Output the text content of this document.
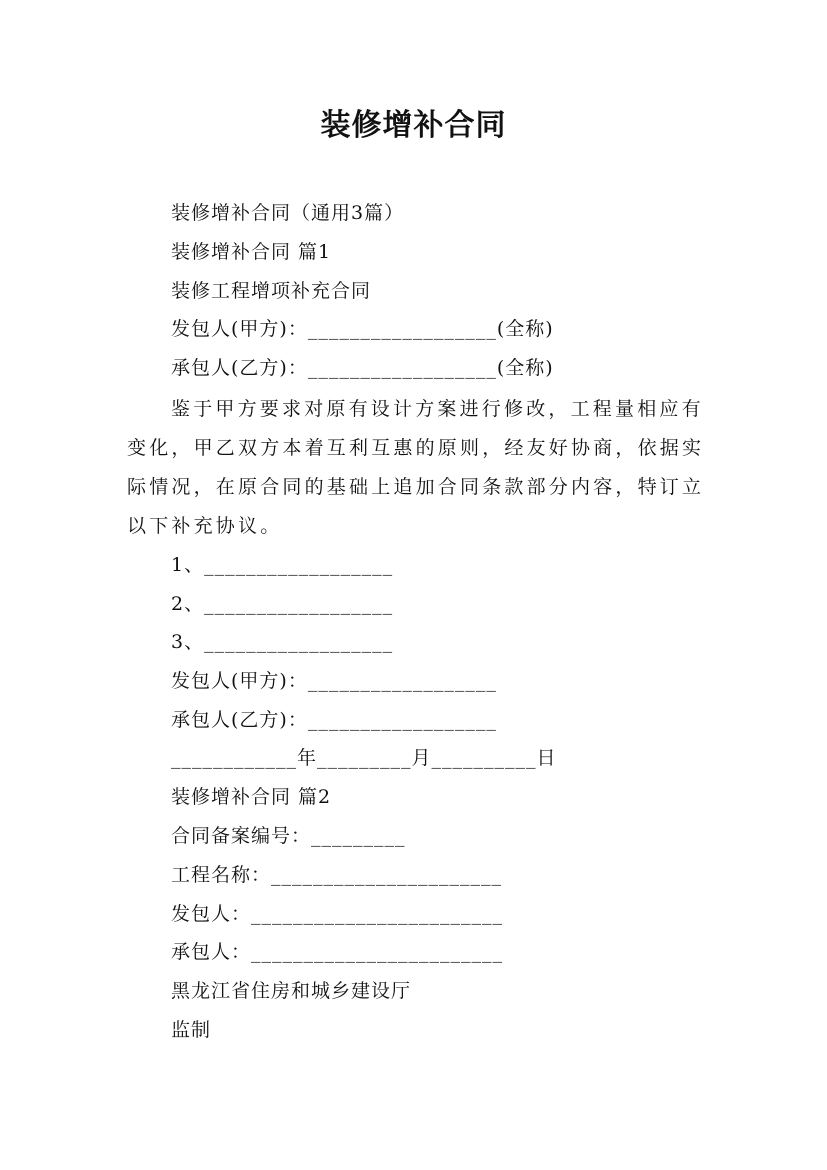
装修增补合同
装修增补合同（通用3篇）
装修增补合同 篇1
装修工程增项补充合同
发包人(甲方)：__________________(全称)
承包人(乙方)：__________________(全称)

鉴于甲方要求对原有设计方案进行修改，工程量相应有变化，甲乙双方本着互利互惠的原则，经友好协商，依据实际情况，在原合同的基础上追加合同条款部分内容，特订立以下补充协议。

1、__________________
2、__________________
3、__________________
发包人(甲方)：__________________
承包人(乙方)：__________________
____________年_________月__________日
装修增补合同 篇2
合同备案编号：_________
工程名称：______________________
发包人：________________________
承包人：________________________
黑龙江省住房和城乡建设厅
监制
